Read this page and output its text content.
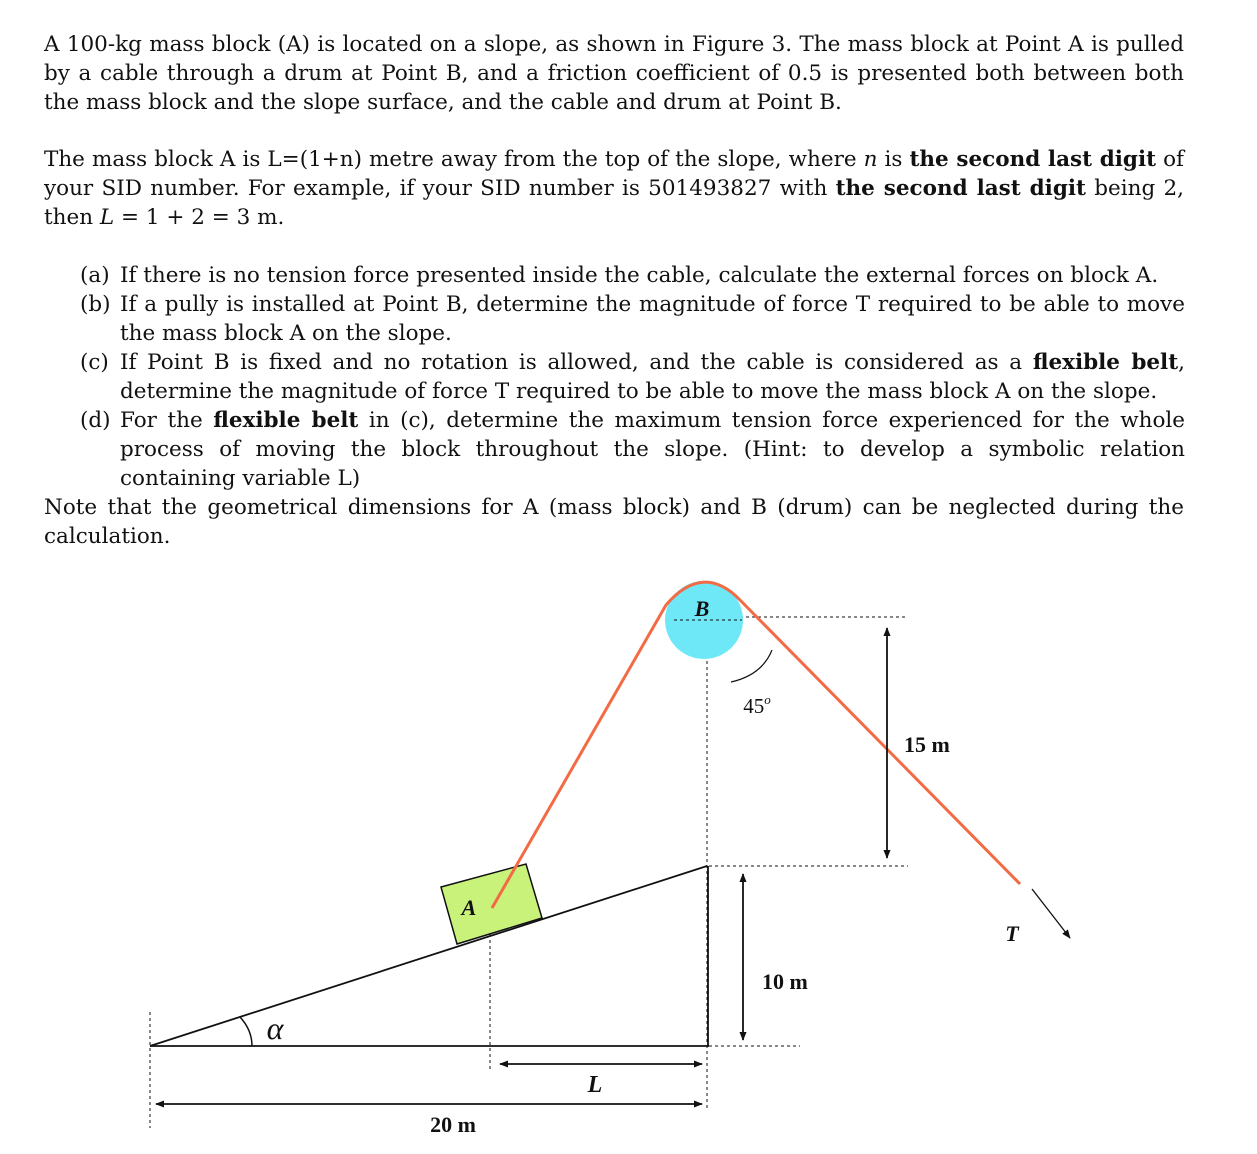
A 100-kg mass block (A) is located on a slope, as shown in Figure 3. The mass block at Point A is pulled by a cable through a drum at Point B, and a friction coefficient of 0.5 is presented both between both the mass block and the slope surface, and the cable and drum at Point B.

The mass block A is L=(1+n) metre away from the top of the slope, where n is the second last digit of your SID number. For example, if your SID number is 501493827 with the second last digit being 2, then L = 1 + 2 = 3 m.

(a) If there is no tension force presented inside the cable, calculate the external forces on block A.
(b) If a pully is installed at Point B, determine the magnitude of force T required to be able to move the mass block A on the slope.
(c) If Point B is fixed and no rotation is allowed, and the cable is considered as a flexible belt, determine the magnitude of force T required to be able to move the mass block A on the slope.
(d) For the flexible belt in (c), determine the maximum tension force experienced for the whole process of moving the block throughout the slope. (Hint: to develop a symbolic relation containing variable L)

Note that the geometrical dimensions for A (mass block) and B (drum) can be neglected during the calculation.

B
A
α
45$^o$
15 m
10 m
L
20 m
T
